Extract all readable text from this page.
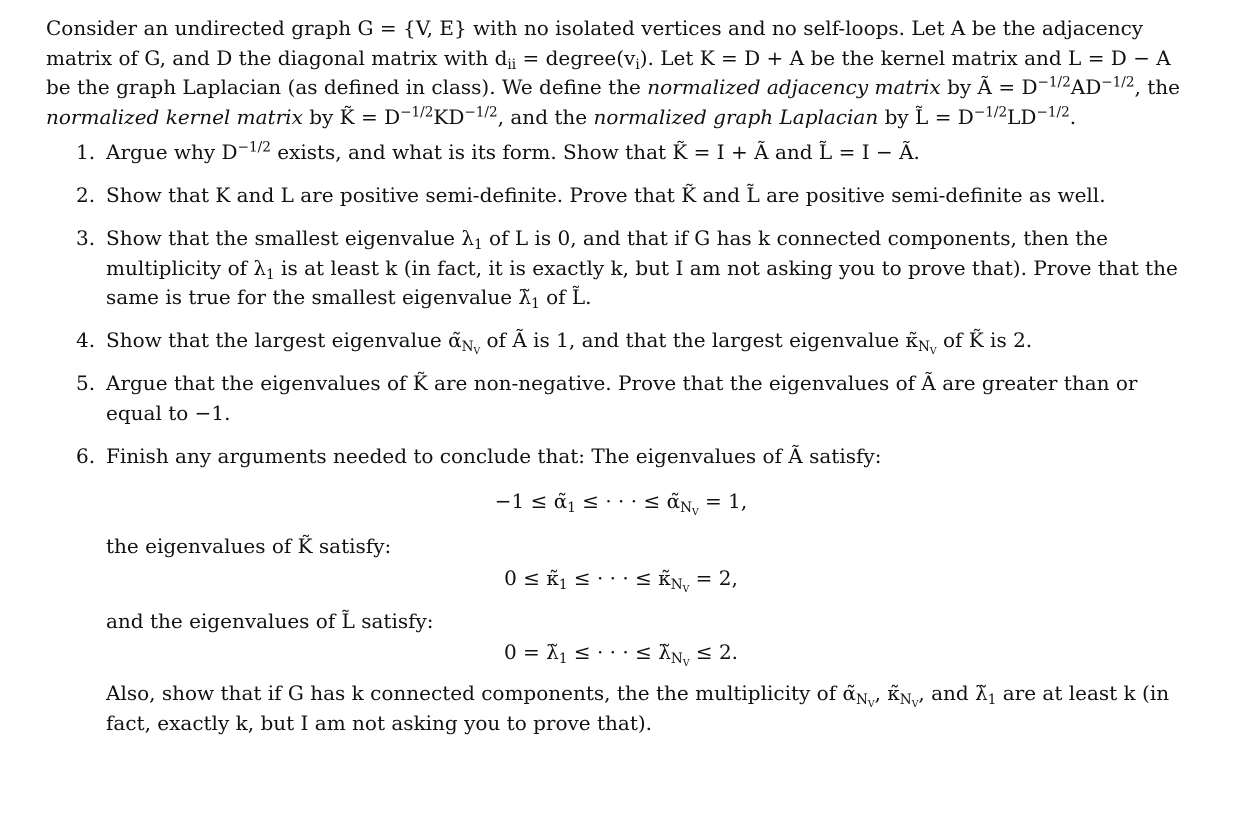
Consider an undirected graph G = {V, E} with no isolated vertices and no self-loops. Let A be the adjacency matrix of G, and D the diagonal matrix with $d_{ii}$ = $degree(v_i)$. Let K = D + A be the kernel matrix and L = D − A be the graph Laplacian (as defined in class). We define the normalized adjacency matrix by Ã = $D^{-1/2}AD^{-1/2}$, the normalized kernel matrix by K̃ = $D^{-1/2}KD^{-1/2}$, and the normalized graph Laplacian by L̃ = $D^{-1/2}LD^{-1/2}$.

1. Argue why $D^{-1/2}$ exists, and what is its form. Show that K̃ = I + Ã and L̃ = I − Ã.
2. Show that K and L are positive semi-definite. Prove that K̃ and L̃ are positive semi-definite as well.
3. Show that the smallest eigenvalue $\lambda_1$ of L is 0, and that if G has k connected components, then the multiplicity of $\lambda_1$ is at least k (in fact, it is exactly k, but I am not asking you to prove that). Prove that the same is true for the smallest eigenvalue $\lambdã_1$ of L̃.
4. Show that the largest eigenvalue $\alphã_{N_V}$ of Ã is 1, and that the largest eigenvalue $\kappã_{N_V}$ of K̃ is 2.
5. Argue that the eigenvalues of K̃ are non-negative. Prove that the eigenvalues of Ã are greater than or equal to −1.
6. Finish any arguments needed to conclude that: The eigenvalues of Ã satisfy:

$-1 \le \alphã_1$ ≤ · · · ≤ $\alphã_{N_V} = 1$,

the eigenvalues of K̃ satisfy:

$0 \le \kappã_1$ ≤ · · · ≤ $\kappã_{N_V} = 2$,

and the eigenvalues of L̃ satisfy:

$0 = \lambdã_1$ ≤ · · · ≤ $\lambdã_{N_V} \le 2$.

Also, show that if G has k connected components, the the multiplicity of $\alphã_{N_V}$, $\kappã_{N_V}$, and $\lambdã_1$ are at least k (in fact, exactly k, but I am not asking you to prove that).
